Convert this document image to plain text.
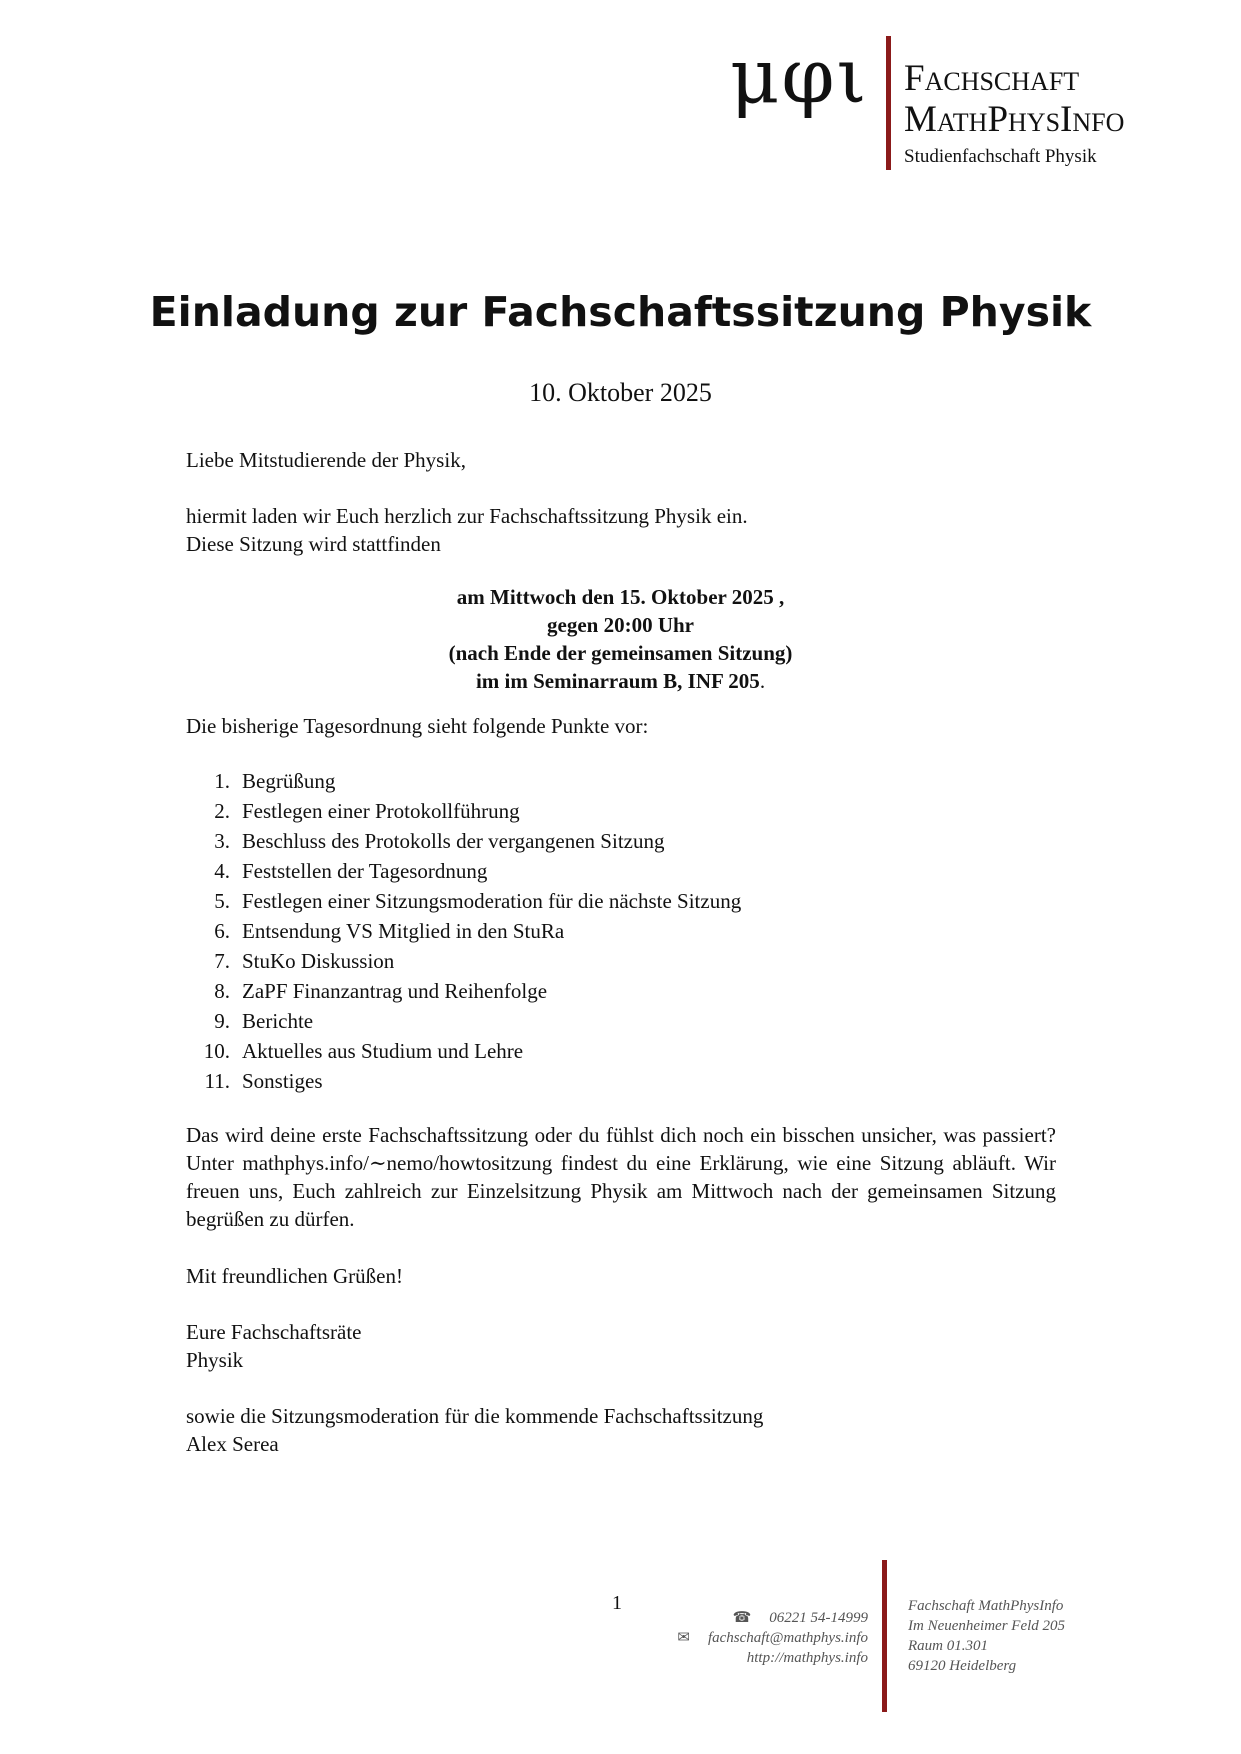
μφι Fachschaft
MathPhysInfo
Studienfachschaft Physik
Einladung zur Fachschaftssitzung Physik
10. Oktober 2025
Liebe Mitstudierende der Physik,
hiermit laden wir Euch herzlich zur Fachschaftssitzung Physik ein.
Diese Sitzung wird stattfinden
am Mittwoch den 15. Oktober 2025 ,
gegen 20:00 Uhr
(nach Ende der gemeinsamen Sitzung)
im im Seminarraum B, INF 205.
Die bisherige Tagesordnung sieht folgende Punkte vor:
1. Begrüßung
2. Festlegen einer Protokollführung
3. Beschluss des Protokolls der vergangenen Sitzung
4. Feststellen der Tagesordnung
5. Festlegen einer Sitzungsmoderation für die nächste Sitzung
6. Entsendung VS Mitglied in den StuRa
7. StuKo Diskussion
8. ZaPF Finanzantrag und Reihenfolge
9. Berichte
10. Aktuelles aus Studium und Lehre
11. Sonstiges
Das wird deine erste Fachschaftssitzung oder du fühlst dich noch ein bisschen unsicher, was passiert? Unter mathphys.info/∼nemo/howtositzung findest du eine Erklärung, wie eine Sitzung abläuft. Wir freuen uns, Euch zahlreich zur Einzelsitzung Physik am Mittwoch nach der gemeinsamen Sitzung begrüßen zu dürfen.
Mit freundlichen Grüßen!
Eure Fachschaftsräte
Physik
sowie die Sitzungsmoderation für die kommende Fachschaftssitzung
Alex Serea
1
☎ 06221 54-14999
✉ fachschaft@mathphys.info
http://mathphys.info
Fachschaft MathPhysInfo
Im Neuenheimer Feld 205
Raum 01.301
69120 Heidelberg
